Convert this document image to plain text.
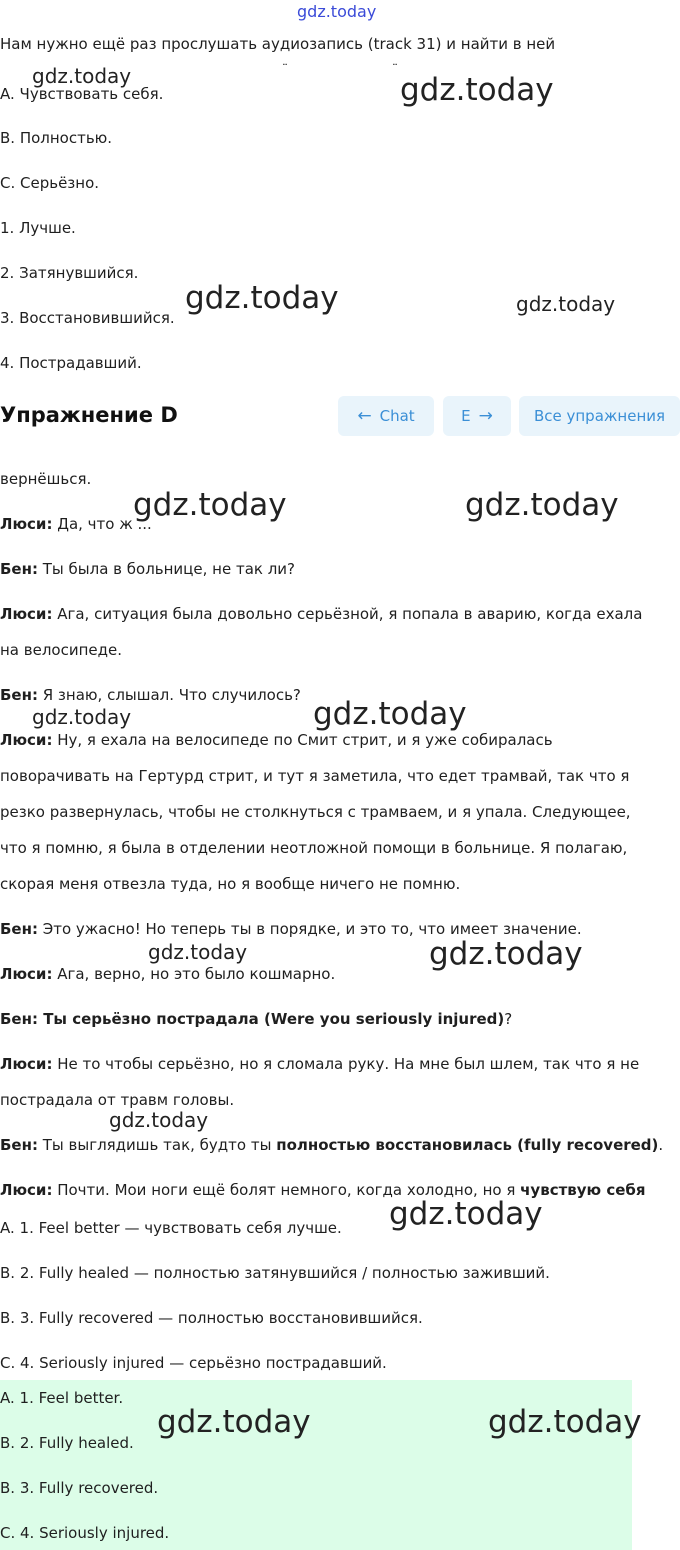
gdz.today
Нам нужно ещё раз прослушать аудиозапись (track 31) и найти в ней
¨	¨
A. Чувствовать себя.
B. Полностью.
C. Серьёзно.
1. Лучше.
2. Затянувшийся.
3. Восстановившийся.
4. Пострадавший.
Упражнение D	← Chat	E →	Все упражнения
вернёшься.
Люси: Да, что ж ...
Бен: Ты была в больнице, не так ли?
Люси: Ага, ситуация была довольно серьёзной, я попала в аварию, когда ехала
на велосипеде.
Бен: Я знаю, слышал. Что случилось?
Люси: Ну, я ехала на велосипеде по Смит стрит, и я уже собиралась
поворачивать на Гертурд стрит, и тут я заметила, что едет трамвай, так что я
резко развернулась, чтобы не столкнуться с трамваем, и я упала. Следующее,
что я помню, я была в отделении неотложной помощи в больнице. Я полагаю,
скорая меня отвезла туда, но я вообще ничего не помню.
Бен: Это ужасно! Но теперь ты в порядке, и это то, что имеет значение.
Люси: Ага, верно, но это было кошмарно.
Бен: Ты серьёзно пострадала (Were you seriously injured)?
Люси: Не то чтобы серьёзно, но я сломала руку. На мне был шлем, так что я не
пострадала от травм головы.
Бен: Ты выглядишь так, будто ты полностью восстановилась (fully recovered).
Люси: Почти. Мои ноги ещё болят немного, когда холодно, но я чувствую себя
A. 1. Feel better — чувствовать себя лучше.
B. 2. Fully healed — полностью затянувшийся / полностью заживший.
B. 3. Fully recovered — полностью восстановившийся.
C. 4. Seriously injured — серьёзно пострадавший.
A. 1. Feel better.
B. 2. Fully healed.
B. 3. Fully recovered.
C. 4. Seriously injured.
gdz.today	gdz.today
gdz.today	gdz.today
gdz.today	gdz.today
gdz.today	gdz.today
gdz.today	gdz.today
gdz.today
gdz.today
gdz.today	gdz.today
